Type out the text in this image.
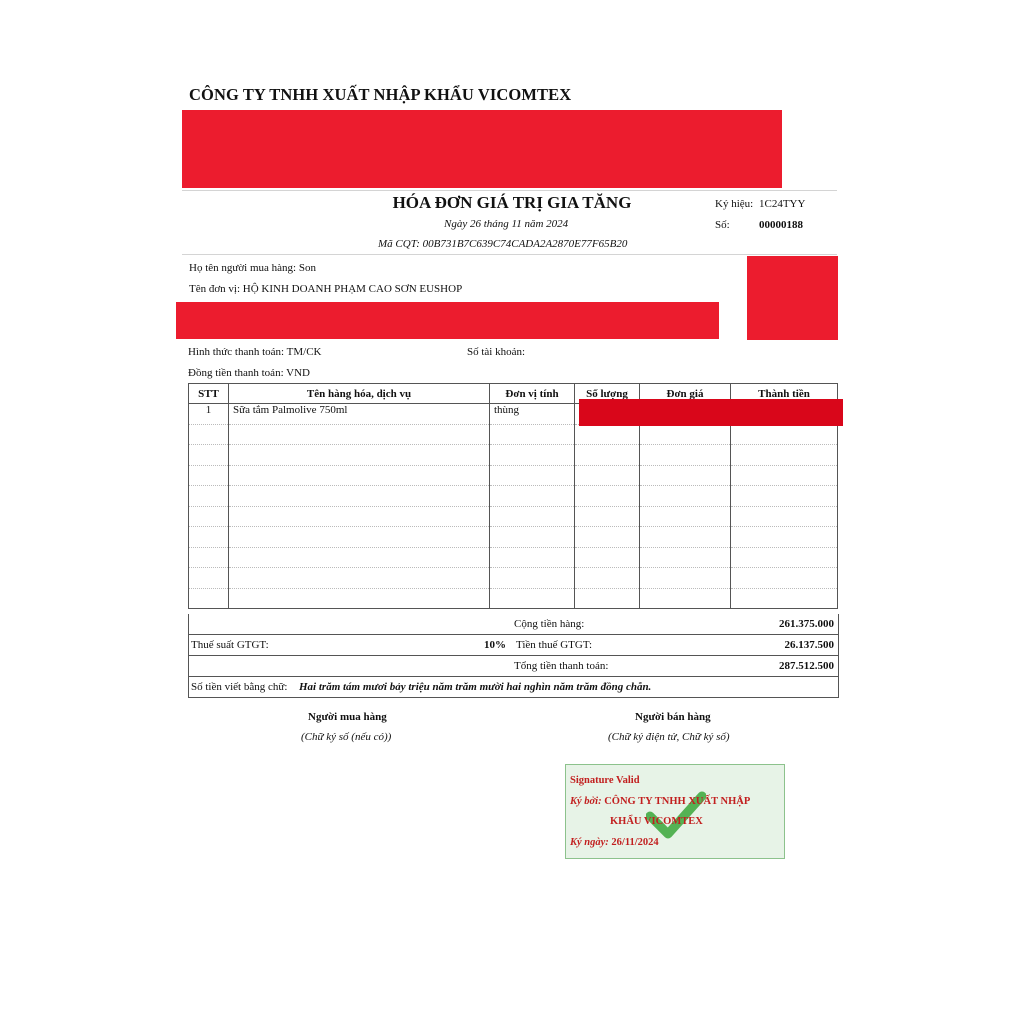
CÔNG TY TNHH XUẤT NHẬP KHẨU VICOMTEX
HÓA ĐƠN GIÁ TRỊ GIA TĂNG
Ngày 26 tháng 11 năm 2024
Mã CQT: 00B731B7C639C74CADA2A2870E77F65B20
Ký hiệu: 1C24TYY
Số:	00000188
Họ tên người mua hàng: Son
Tên đơn vị: HỘ KINH DOANH PHẠM CAO SƠN EUSHOP
Hình thức thanh toán: TM/CK	Số tài khoản:
Đồng tiền thanh toán: VND
STT	Tên hàng hóa, dịch vụ	Đơn vị tính	Số lượng	Đơn giá	Thành tiền
1	Sữa tắm Palmolive 750ml	thùng			

Cộng tiền hàng:	261.375.000
Thuế suất GTGT:	10% Tiền thuế GTGT:	26.137.500
Tổng tiền thanh toán:	287.512.500
Số tiền viết bằng chữ: Hai trăm tám mươi bảy triệu năm trăm mười hai nghìn năm trăm đồng chẵn.
Người mua hàng
(Chữ ký số (nếu có))
Người bán hàng
(Chữ ký điện tử, Chữ ký số)
Signature Valid
Ký bởi: CÔNG TY TNHH XUẤT NHẬP
KHẨU VICOMTEX
Ký ngày: 26/11/2024
